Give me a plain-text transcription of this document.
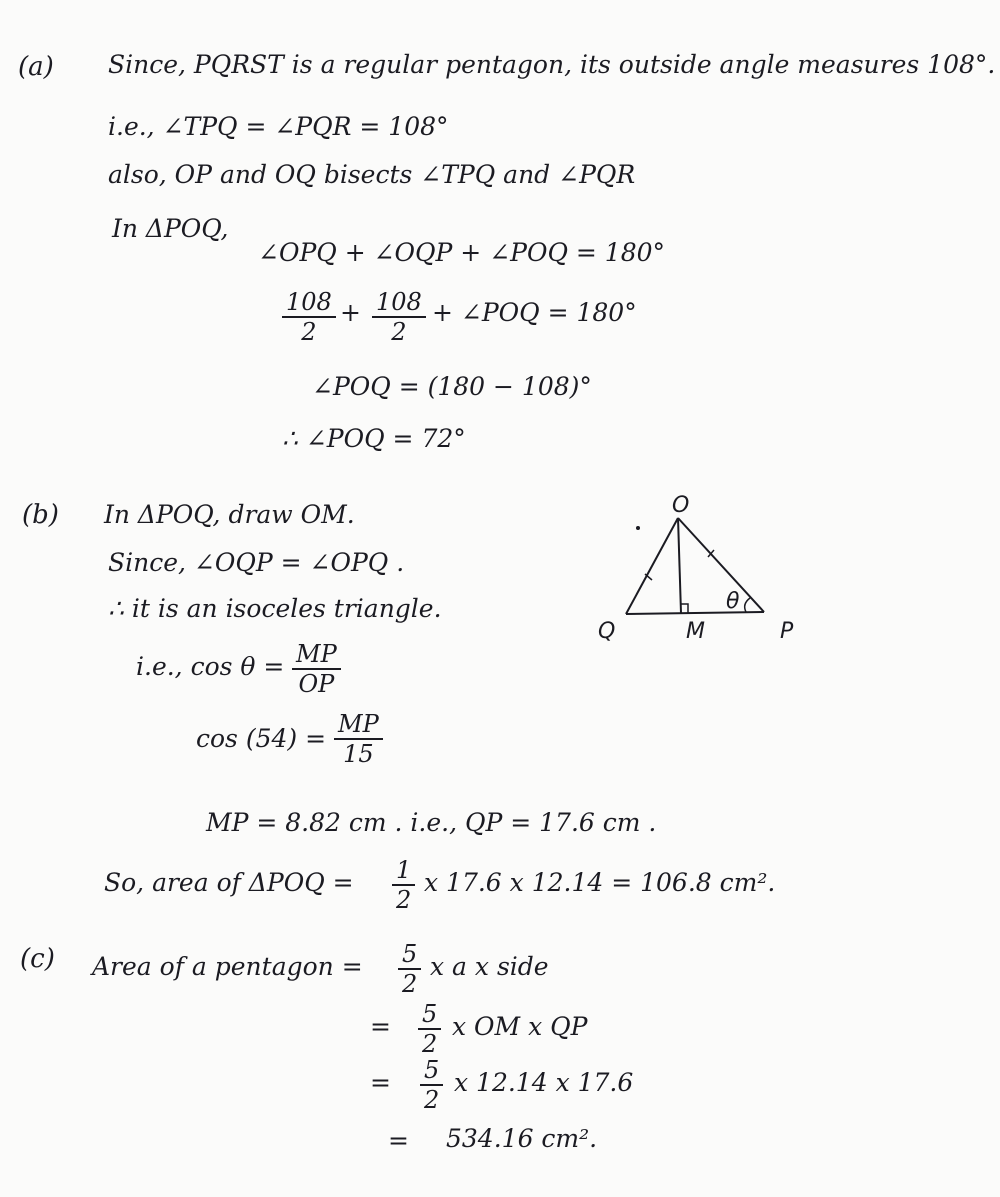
(a) Since, PQRST is a regular pentagon, its outside angle measures 108°.
i.e., ∠TPQ = ∠PQR = 108°
also, OP and OQ bisects ∠TPQ and ∠PQR
In ΔPOQ,
∠OPQ + ∠OQP + ∠POQ = 180°
$\frac{108}{2} + \frac{108}{2}$ + ∠POQ = 180°
∠POQ = (180 − 108)°
∴ ∠POQ = 72°
(b) In ΔPOQ, draw OM.
Since, ∠OQP = ∠OPQ .
∴ it is an isoceles triangle.
i.e., $\cos \theta = \frac{MP}{OP}$
$\cos (54) = \frac{MP}{15}$
MP = 8.82 cm . i.e., QP = 17.6 cm .
So, area of $\Delta POQ = \frac{1}{2}$ x 17.6 x 12.14 = 106.8 cm².
O
Q	M	P
θ
(c) Area of a pentagon = $\frac{5}{2}$ x a x side
= $\frac{5}{2}$ x OM x QP
= $\frac{5}{2}$ x 12.14 x 17.6
= 534.16 cm².
